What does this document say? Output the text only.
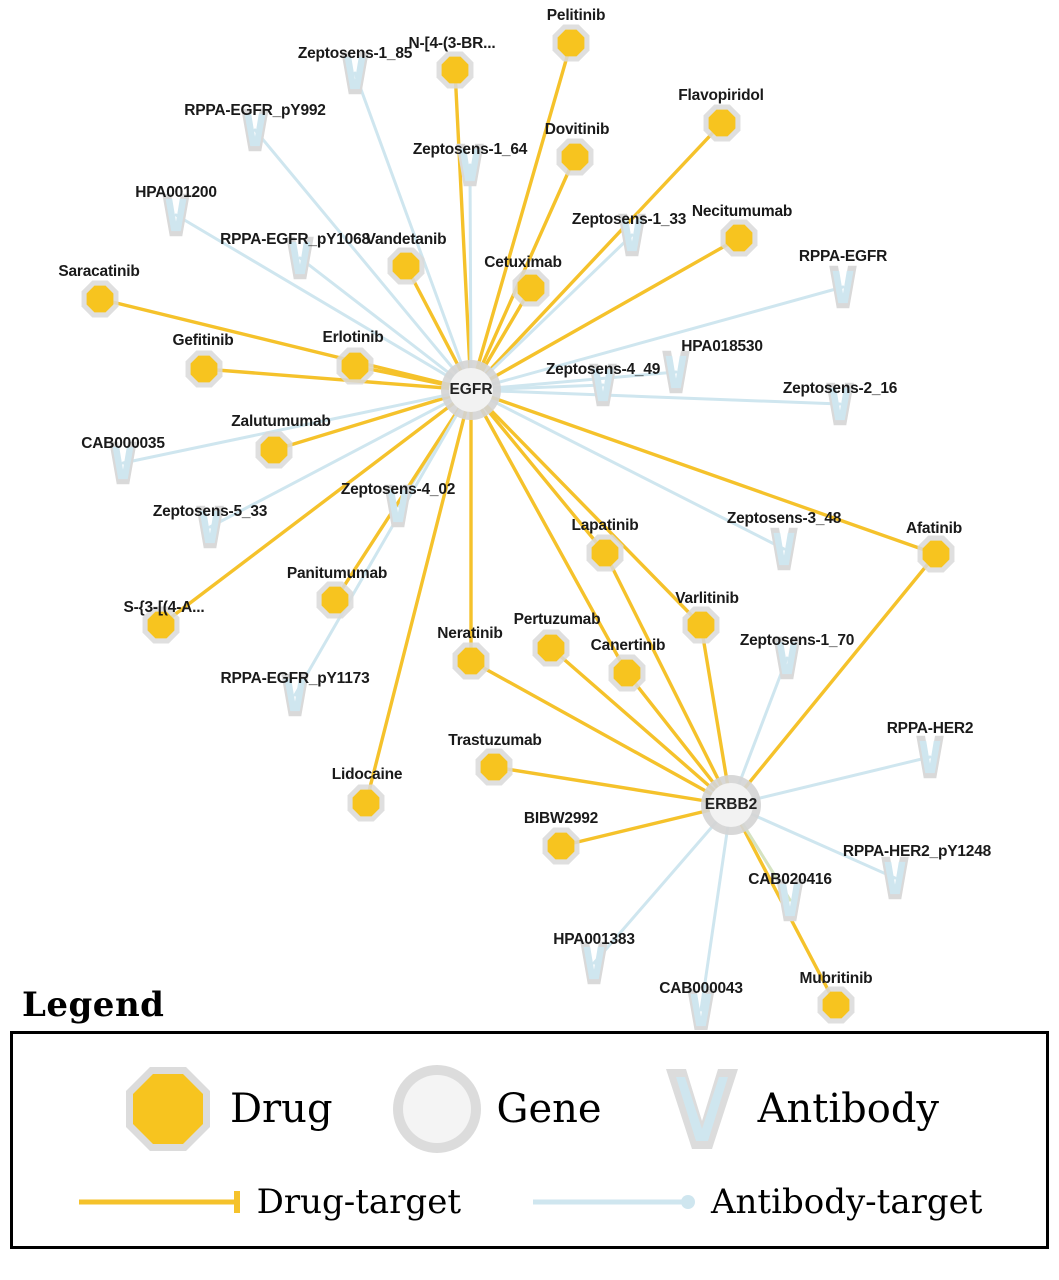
Pelitinib
N-[4-(3-BR...
Zeptosens-1_85
Flavopiridol
Dovitinib
RPPA-EGFR_pY992
Zeptosens-1_64
Necitumumab
Zeptosens-1_33
HPA001200
RPPA-EGFR_pY1068
Vandetanib
Cetuximab	RPPA-EGFR
Saracatinib
Gefitinib	Erlotinib
HPA018530
Zeptosens-4_49
Zeptosens-2_16
Zalutumumab
CAB000035
Zeptosens-4_02
Zeptosens-5_33
Lapatinib	Zeptosens-3_48
Afatinib
Panitumumab
Varlitinib
S-{3-[(4-A...
Pertuzumab
Canertinib
Neratinib	Zeptosens-1_70
RPPA-EGFR_pY1173
RPPA-HER2
Trastuzumab
Lidocaine
BIBW2992
RPPA-HER2_pY1248
CAB020416
HPA001383
CAB000043
Mubritinib
EGFR
ERBB2
Legend
Drug	Gene	Antibody
Drug-target	Antibody-target
